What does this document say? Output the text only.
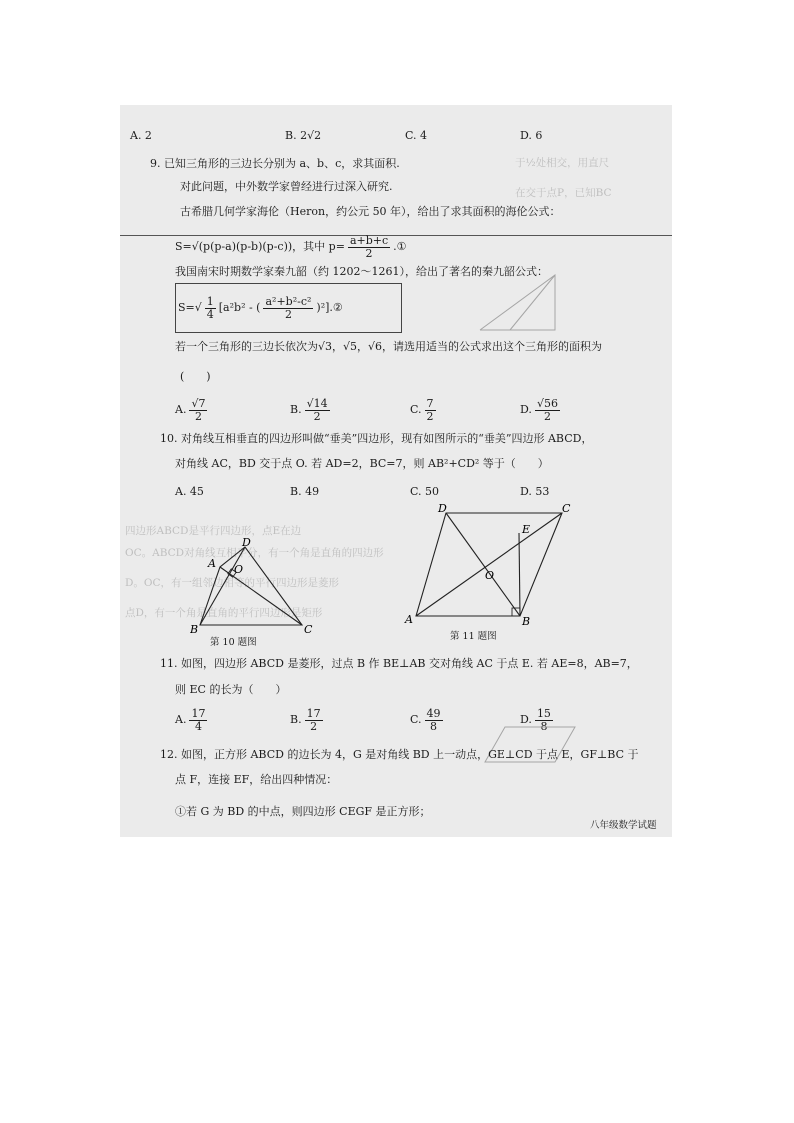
于½处相交，用直尺
在交于点P，已知BC
四边形ABCD是平行四边形，点E在边
OC。ABCD对角线互相平分，有一个角是直角的四边形
D。OC，有一组邻边相等的平行四边形是菱形
点D，有一个角是直角的平行四边形是矩形
A. 2	B. 2√2	C. 4	D. 6
9. 已知三角形的三边长分别为 a、b、c，求其面积.
对此问题，中外数学家曾经进行过深入研究.
古希腊几何学家海伦（Heron，约公元 50 年），给出了求其面积的海伦公式：
S=√(p(p-a)(p-b)(p-c))，其中 $p= \frac{a+b+c}{2}$ .①
我国南宋时期数学家秦九韶（约 1202～1261），给出了著名的秦九韶公式：
$S=√ \frac{1}{4} [a^2b^2$ - ( $\frac{\text{a²+b²-c²}}{2}$ )²].②
若一个三角形的三边长依次为√3，√5，√6，请选用适当的公式求出这个三角形的面积为
(　　)
A. $\frac{√7}{2}$	B. $\frac{√14}{2}$	C. $\frac{7}{2}$	D. $\frac{√56}{2}$
10. 对角线互相垂直的四边形叫做“垂美”四边形，现有如图所示的“垂美”四边形 ABCD，
对角线 AC，BD 交于点 O. 若 AD=2，BC=7，则 AB²+CD² 等于（　　）
A. 45	B. 49	C. 50	D. 53
A
B	C
D
O
第 10 题图
A	B
C
D
E
O
第 11 题图
11. 如图，四边形 ABCD 是菱形，过点 B 作 BE⊥AB 交对角线 AC 于点 E. 若 AE=8，AB=7，
则 EC 的长为（　　）
A. $\frac{17}{4}$	B. $\frac{17}{2}$	C. $\frac{49}{8}$	D. $\frac{15}{8}$
12. 如图，正方形 ABCD 的边长为 4，G 是对角线 BD 上一动点，GE⊥CD 于点 E，GF⊥BC 于
点 F，连接 EF，给出四种情况：
①若 G 为 BD 的中点，则四边形 CEGF 是正方形；
八年级数学试题
